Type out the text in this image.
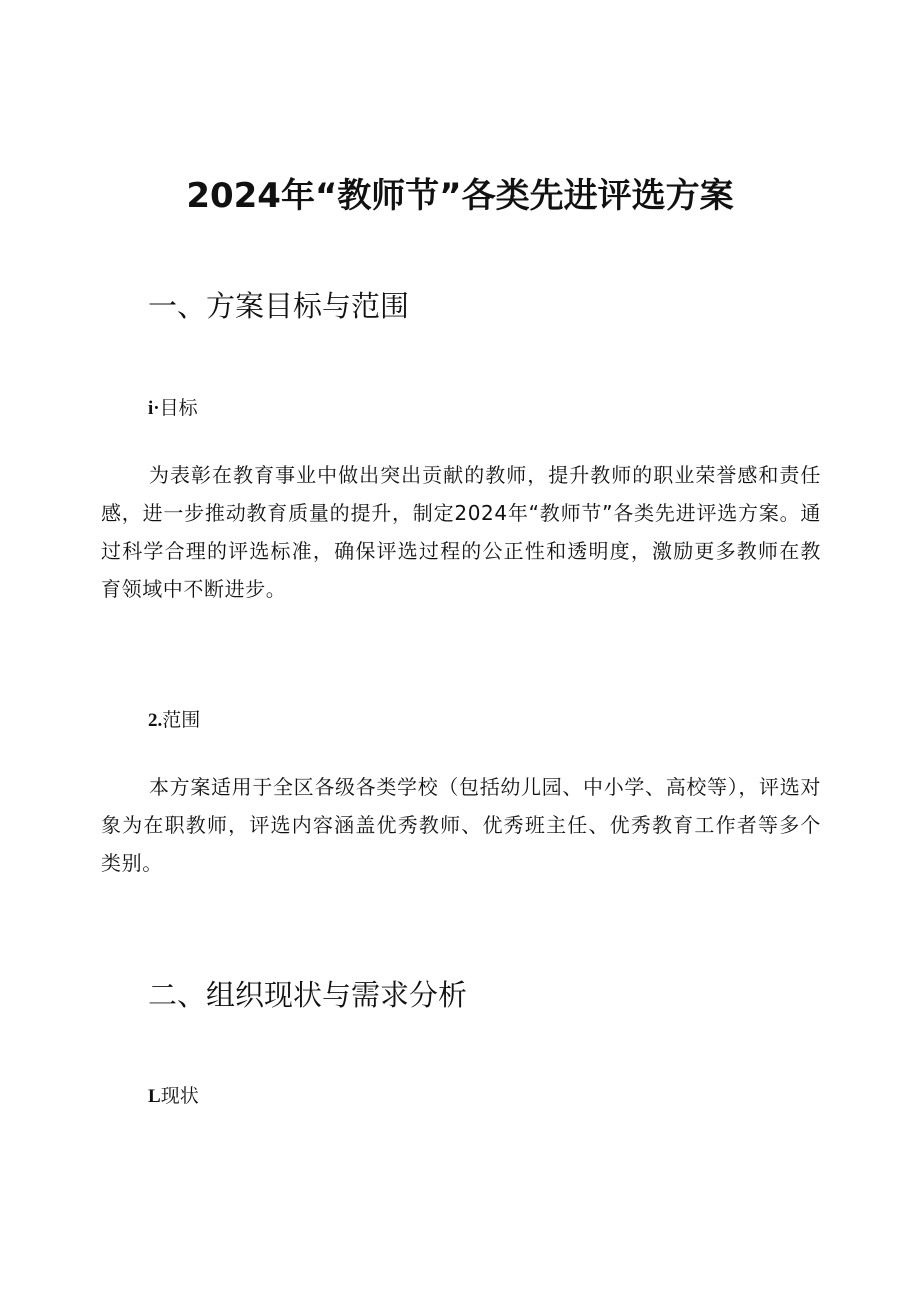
2024年“教师节”各类先进评选方案
一、方案目标与范围
i·目标
为表彰在教育事业中做出突出贡献的教师，提升教师的职业荣誉感和责任感，进一步推动教育质量的提升，制定2024年“教师节”各类先进评选方案。通过科学合理的评选标准，确保评选过程的公正性和透明度，激励更多教师在教育领域中不断进步。
2.范围
本方案适用于全区各级各类学校（包括幼儿园、中小学、高校等），评选对象为在职教师，评选内容涵盖优秀教师、优秀班主任、优秀教育工作者等多个类别。
二、组织现状与需求分析
L现状
